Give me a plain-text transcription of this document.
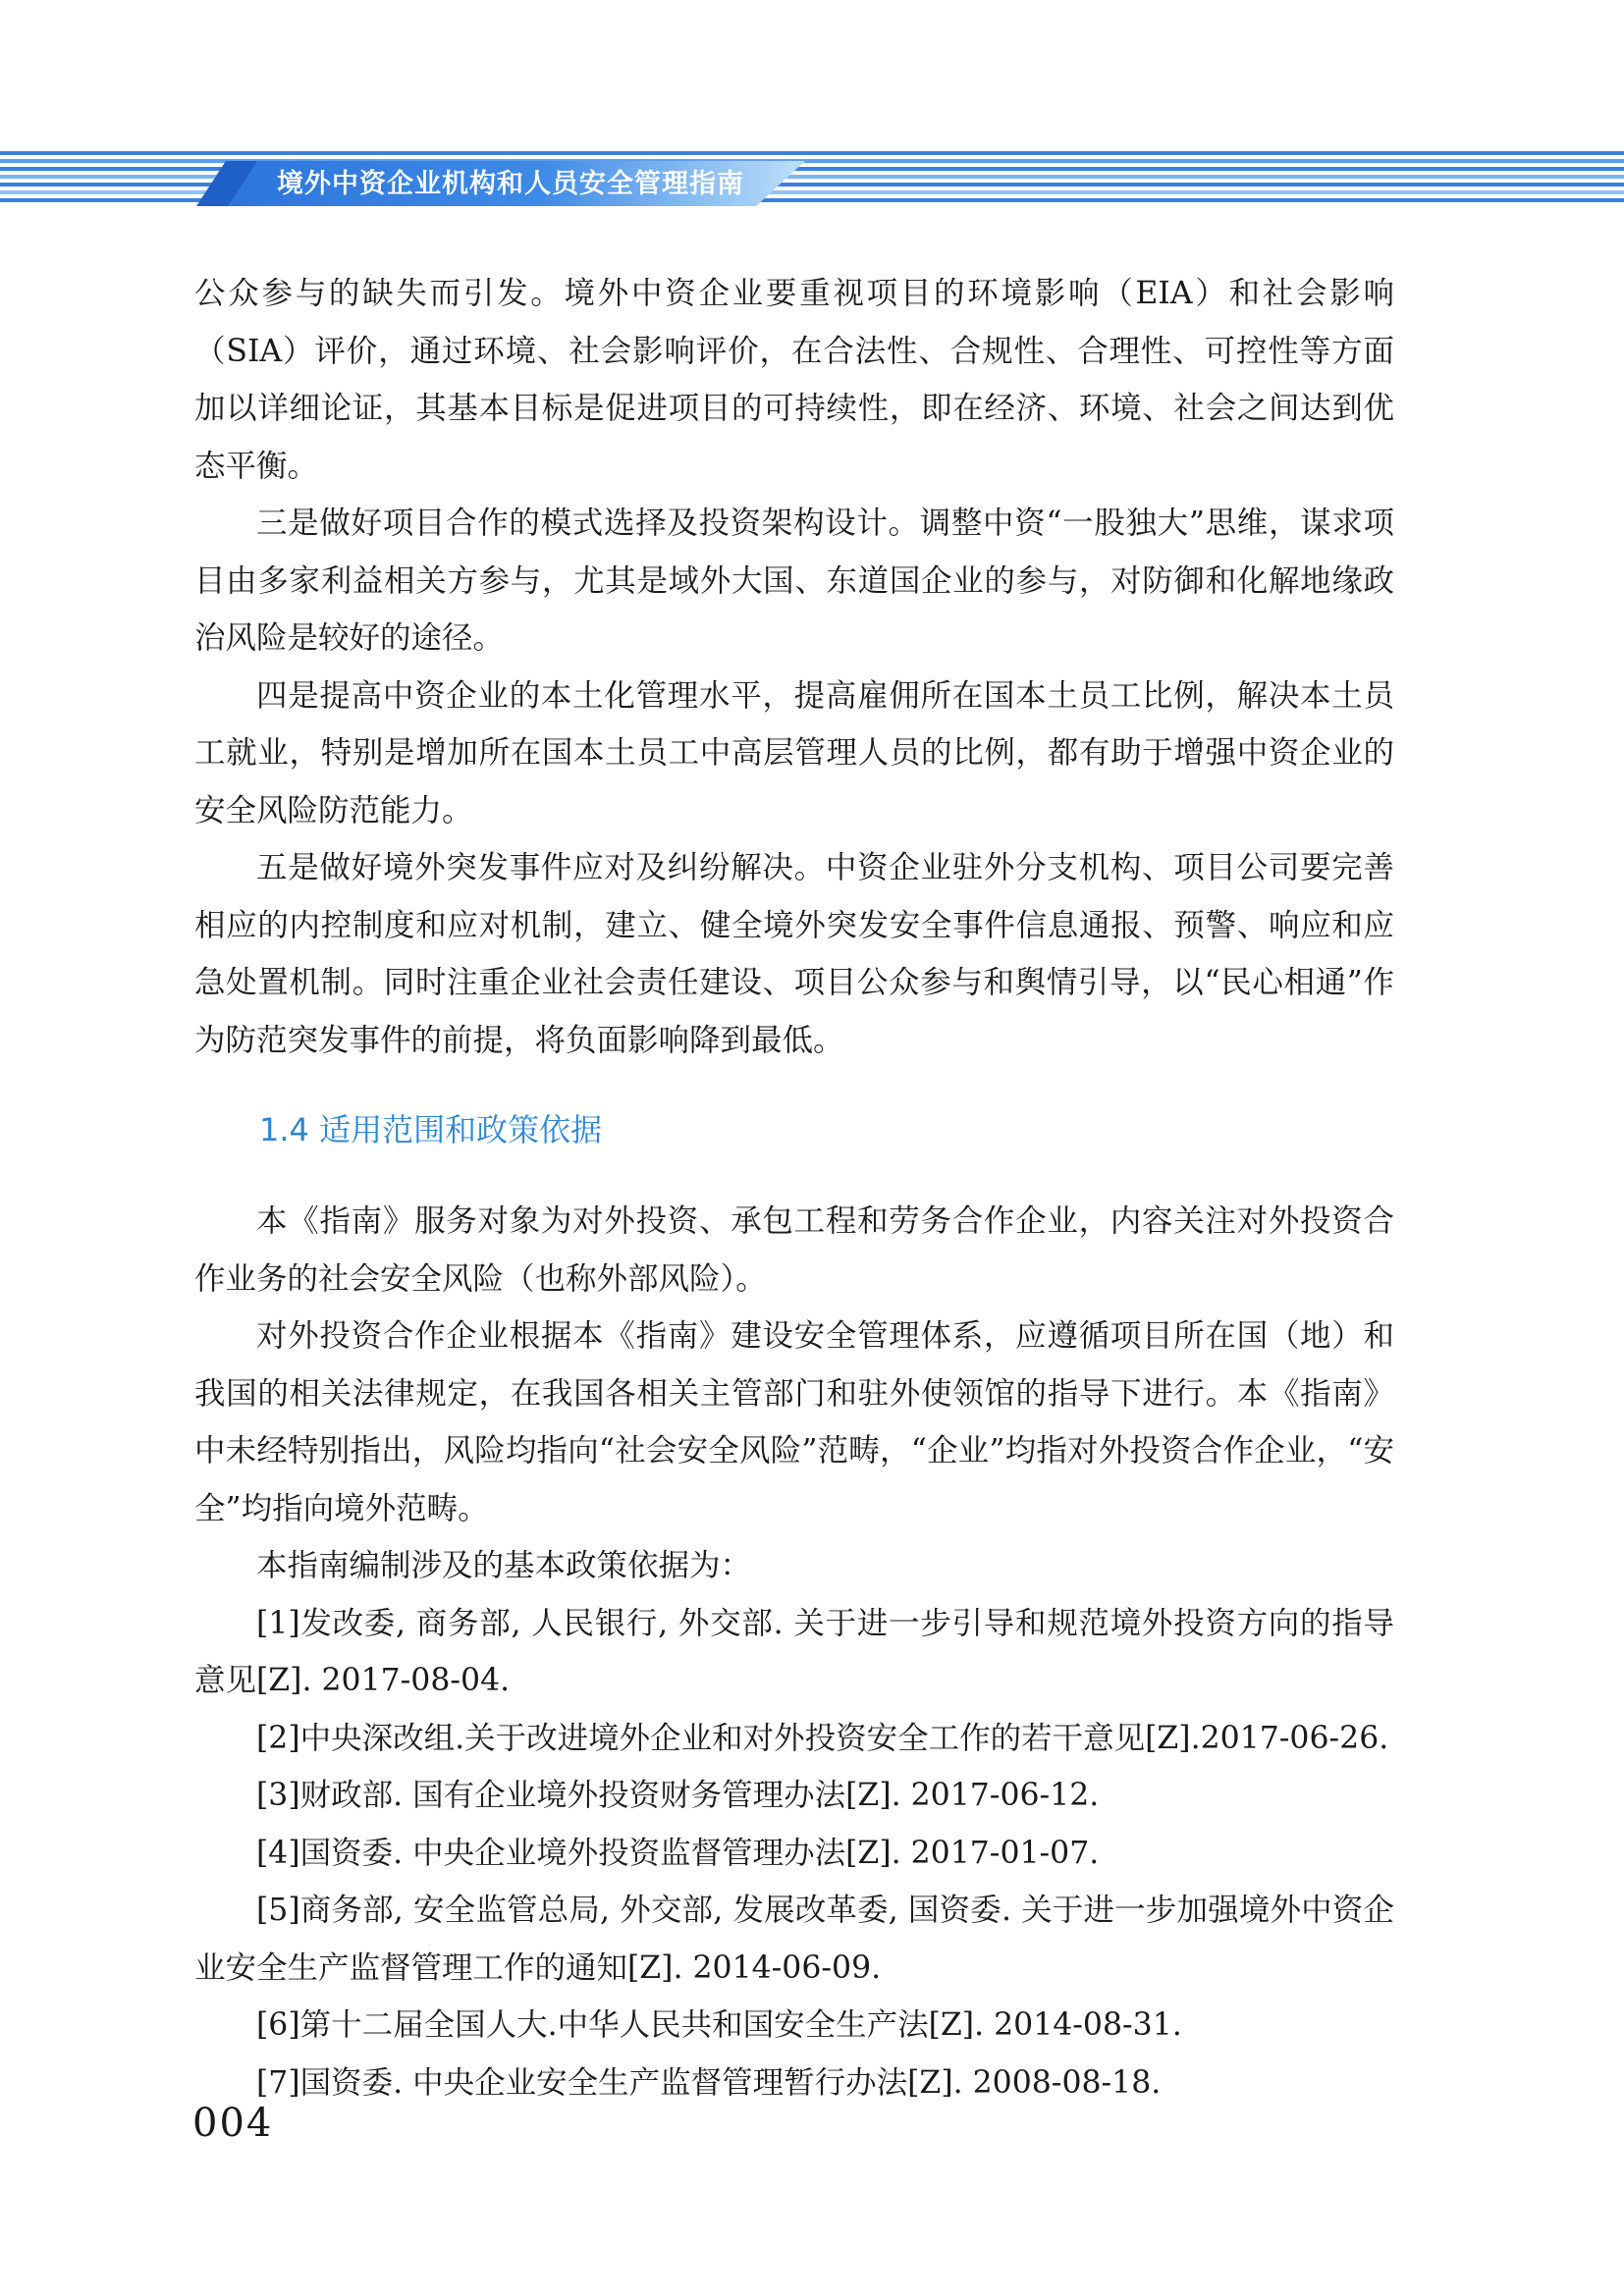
境外中资企业机构和人员安全管理指南

公众参与的缺失而引发。境外中资企业要重视项目的环境影响（EIA）和社会影响（SIA）评价，通过环境、社会影响评价，在合法性、合规性、合理性、可控性等方面加以详细论证，其基本目标是促进项目的可持续性，即在经济、环境、社会之间达到优态平衡。

三是做好项目合作的模式选择及投资架构设计。调整中资“一股独大”思维，谋求项目由多家利益相关方参与，尤其是域外大国、东道国企业的参与，对防御和化解地缘政治风险是较好的途径。

四是提高中资企业的本土化管理水平，提高雇佣所在国本土员工比例，解决本土员工就业，特别是增加所在国本土员工中高层管理人员的比例，都有助于增强中资企业的安全风险防范能力。

五是做好境外突发事件应对及纠纷解决。中资企业驻外分支机构、项目公司要完善相应的内控制度和应对机制，建立、健全境外突发安全事件信息通报、预警、响应和应急处置机制。同时注重企业社会责任建设、项目公众参与和舆情引导，以“民心相通”作为防范突发事件的前提，将负面影响降到最低。

1.4 适用范围和政策依据

本《指南》服务对象为对外投资、承包工程和劳务合作企业，内容关注对外投资合作业务的社会安全风险（也称外部风险）。

对外投资合作企业根据本《指南》建设安全管理体系，应遵循项目所在国（地）和我国的相关法律规定，在我国各相关主管部门和驻外使领馆的指导下进行。本《指南》中未经特别指出，风险均指向“社会安全风险”范畴，“企业”均指对外投资合作企业，“安全”均指向境外范畴。

本指南编制涉及的基本政策依据为：

[1]发改委, 商务部, 人民银行, 外交部. 关于进一步引导和规范境外投资方向的指导意见[Z]. 2017-08-04.

[2]中央深改组.关于改进境外企业和对外投资安全工作的若干意见[Z].2017-06-26.

[3]财政部. 国有企业境外投资财务管理办法[Z]. 2017-06-12.

[4]国资委. 中央企业境外投资监督管理办法[Z]. 2017-01-07.

[5]商务部, 安全监管总局, 外交部, 发展改革委, 国资委. 关于进一步加强境外中资企业安全生产监督管理工作的通知[Z]. 2014-06-09.

[6]第十二届全国人大.中华人民共和国安全生产法[Z]. 2014-08-31.

[7]国资委. 中央企业安全生产监督管理暂行办法[Z]. 2008-08-18.

004
